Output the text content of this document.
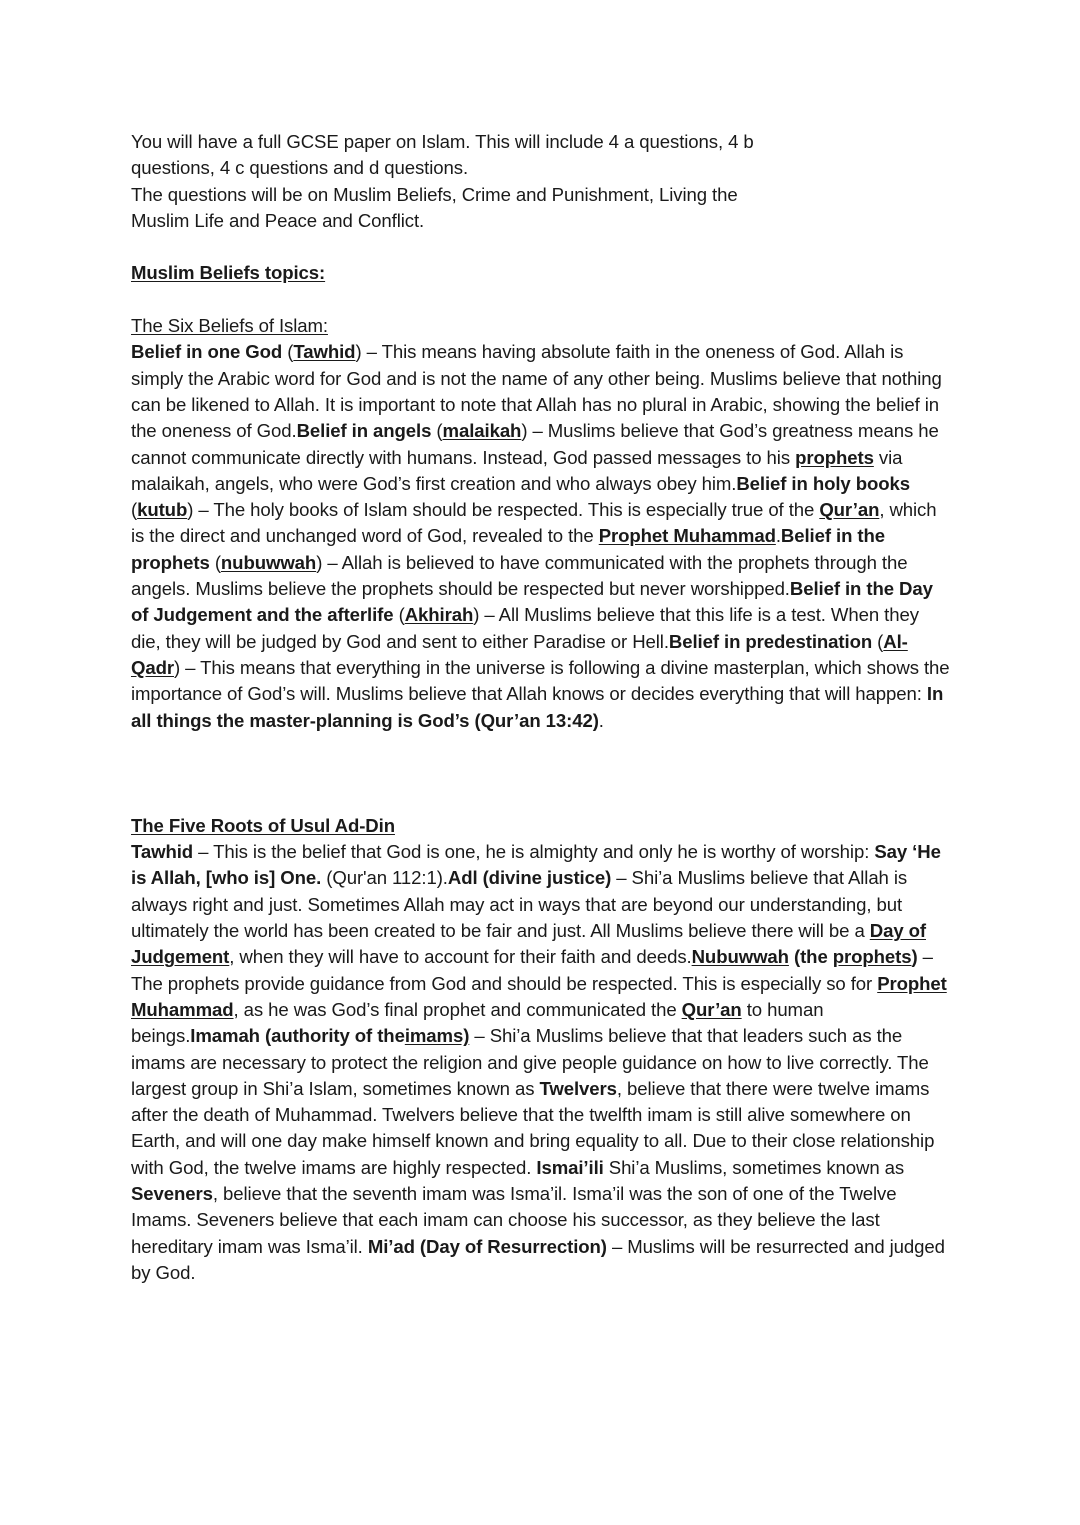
You will have a full GCSE paper on Islam. This will include 4 a questions, 4 b
questions, 4 c questions and d questions.
The questions will be on Muslim Beliefs, Crime and Punishment, Living the
Muslim Life and Peace and Conflict.

Muslim Beliefs topics:

The Six Beliefs of Islam:

Belief in one God (Tawhid) – This means having absolute faith in the oneness of God. Allah is simply the Arabic word for God and is not the name of any other being. Muslims believe that nothing can be likened to Allah. It is important to note that Allah has no plural in Arabic, showing the belief in the oneness of God.Belief in angels (malaikah) – Muslims believe that God’s greatness means he cannot communicate directly with humans. Instead, God passed messages to his prophets via malaikah, angels, who were God’s first creation and who always obey him.Belief in holy books (kutub) – The holy books of Islam should be respected. This is especially true of the Qur’an, which is the direct and unchanged word of God, revealed to the Prophet Muhammad.Belief in the prophets (nubuwwah) – Allah is believed to have communicated with the prophets through the angels. Muslims believe the prophets should be respected but never worshipped.Belief in the Day of Judgement and the afterlife (Akhirah) – All Muslims believe that this life is a test. When they die, they will be judged by God and sent to either Paradise or Hell.Belief in predestination (Al-Qadr) – This means that everything in the universe is following a divine masterplan, which shows the importance of God’s will. Muslims believe that Allah knows or decides everything that will happen: In all things the master-planning is God’s (Qur’an 13:42).

The Five Roots of Usul Ad-Din

Tawhid – This is the belief that God is one, he is almighty and only he is worthy of worship: Say ‘He is Allah, [who is] One. (Qur'an 112:1).Adl (divine justice) – Shi’a Muslims believe that Allah is always right and just. Sometimes Allah may act in ways that are beyond our understanding, but ultimately the world has been created to be fair and just. All Muslims believe there will be a Day of Judgement, when they will have to account for their faith and deeds.Nubuwwah (the prophets) – The prophets provide guidance from God and should be respected. This is especially so for Prophet Muhammad, as he was God’s final prophet and communicated the Qur’an to human beings.Imamah (authority of theimams) – Shi’a Muslims believe that that leaders such as the imams are necessary to protect the religion and give people guidance on how to live correctly. The largest group in Shi’a Islam, sometimes known as Twelvers, believe that there were twelve imams after the death of Muhammad. Twelvers believe that the twelfth imam is still alive somewhere on Earth, and will one day make himself known and bring equality to all. Due to their close relationship with God, the twelve imams are highly respected. Ismai’ili Shi’a Muslims, sometimes known as Seveners, believe that the seventh imam was Isma’il. Isma’il was the son of one of the Twelve Imams. Seveners believe that each imam can choose his successor, as they believe the last hereditary imam was Isma’il. Mi’ad (Day of Resurrection) – Muslims will be resurrected and judged by God.
